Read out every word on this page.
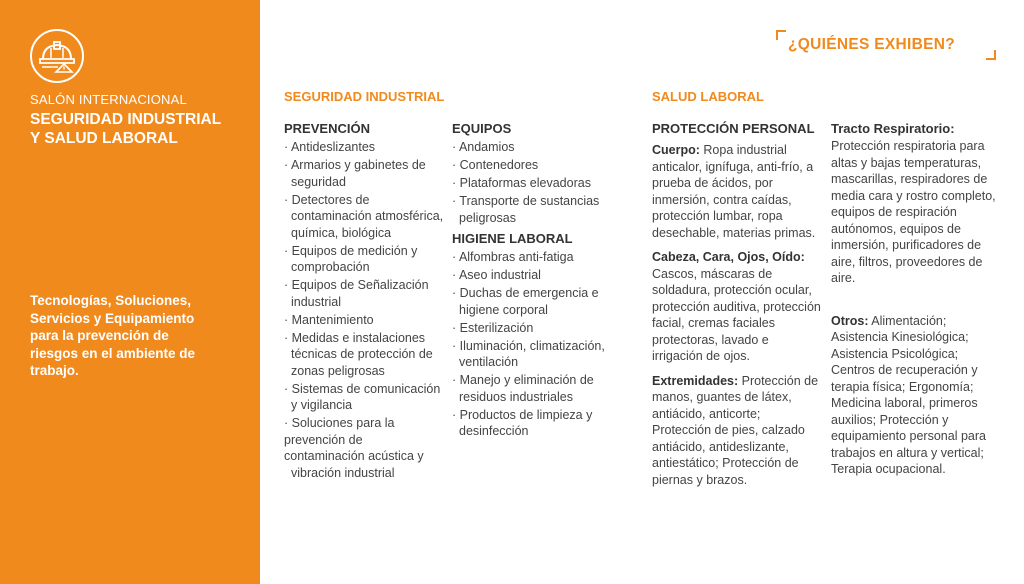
SALÓN INTERNACIONAL
SEGURIDAD INDUSTRIAL
Y SALUD LABORAL
Tecnologías, Soluciones, Servicios y Equipamiento para la prevención de riesgos en el ambiente de trabajo.
¿QUIÉNES EXHIBEN?
SEGURIDAD INDUSTRIAL	SALUD LABORAL
PREVENCIÓN
· Antideslizantes
· Armarios y gabinetes de seguridad
· Detectores de contaminación atmosférica, química, biológica
· Equipos de medición y comprobación
· Equipos de Señalización industrial
· Mantenimiento
· Medidas e instalaciones técnicas de protección de zonas peligrosas
· Sistemas de comunicación y vigilancia
· Soluciones para la prevención de contaminación acústica y
vibración industrial
EQUIPOS
· Andamios
· Contenedores
· Plataformas elevadoras
· Transporte de sustancias peligrosas
HIGIENE LABORAL
· Alfombras anti-fatiga
· Aseo industrial
· Duchas de emergencia e higiene corporal
· Esterilización
· Iluminación, climatización, ventilación
· Manejo y eliminación de residuos industriales
· Productos de limpieza y desinfección
PROTECCIÓN PERSONAL

Cuerpo: Ropa industrial anticalor, ignífuga, anti-frío, a prueba de ácidos, por inmersión, contra caídas, protección lumbar, ropa desechable, materias primas.

Cabeza, Cara, Ojos, Oído: Cascos, máscaras de soldadura, protección ocular, protección auditiva, protección facial, cremas faciales protectoras, lavado e irrigación de ojos.

Extremidades: Protección de manos, guantes de látex, antiácido, anticorte; Protección de pies, calzado antiácido, antideslizante, antiestático; Protección de piernas y brazos.

Tracto Respiratorio:
Protección respiratoria para altas y bajas temperaturas, mascarillas, respiradores de media cara y rostro completo, equipos de respiración autónomos, equipos de inmersión, purificadores de aire, filtros, proveedores de aire.

Otros: Alimentación; Asistencia Kinesiológica; Asistencia Psicológica; Centros de recuperación y terapia física; Ergonomía; Medicina laboral, primeros auxilios; Protección y equipamiento personal para trabajos en altura y vertical; Terapia ocupacional.
